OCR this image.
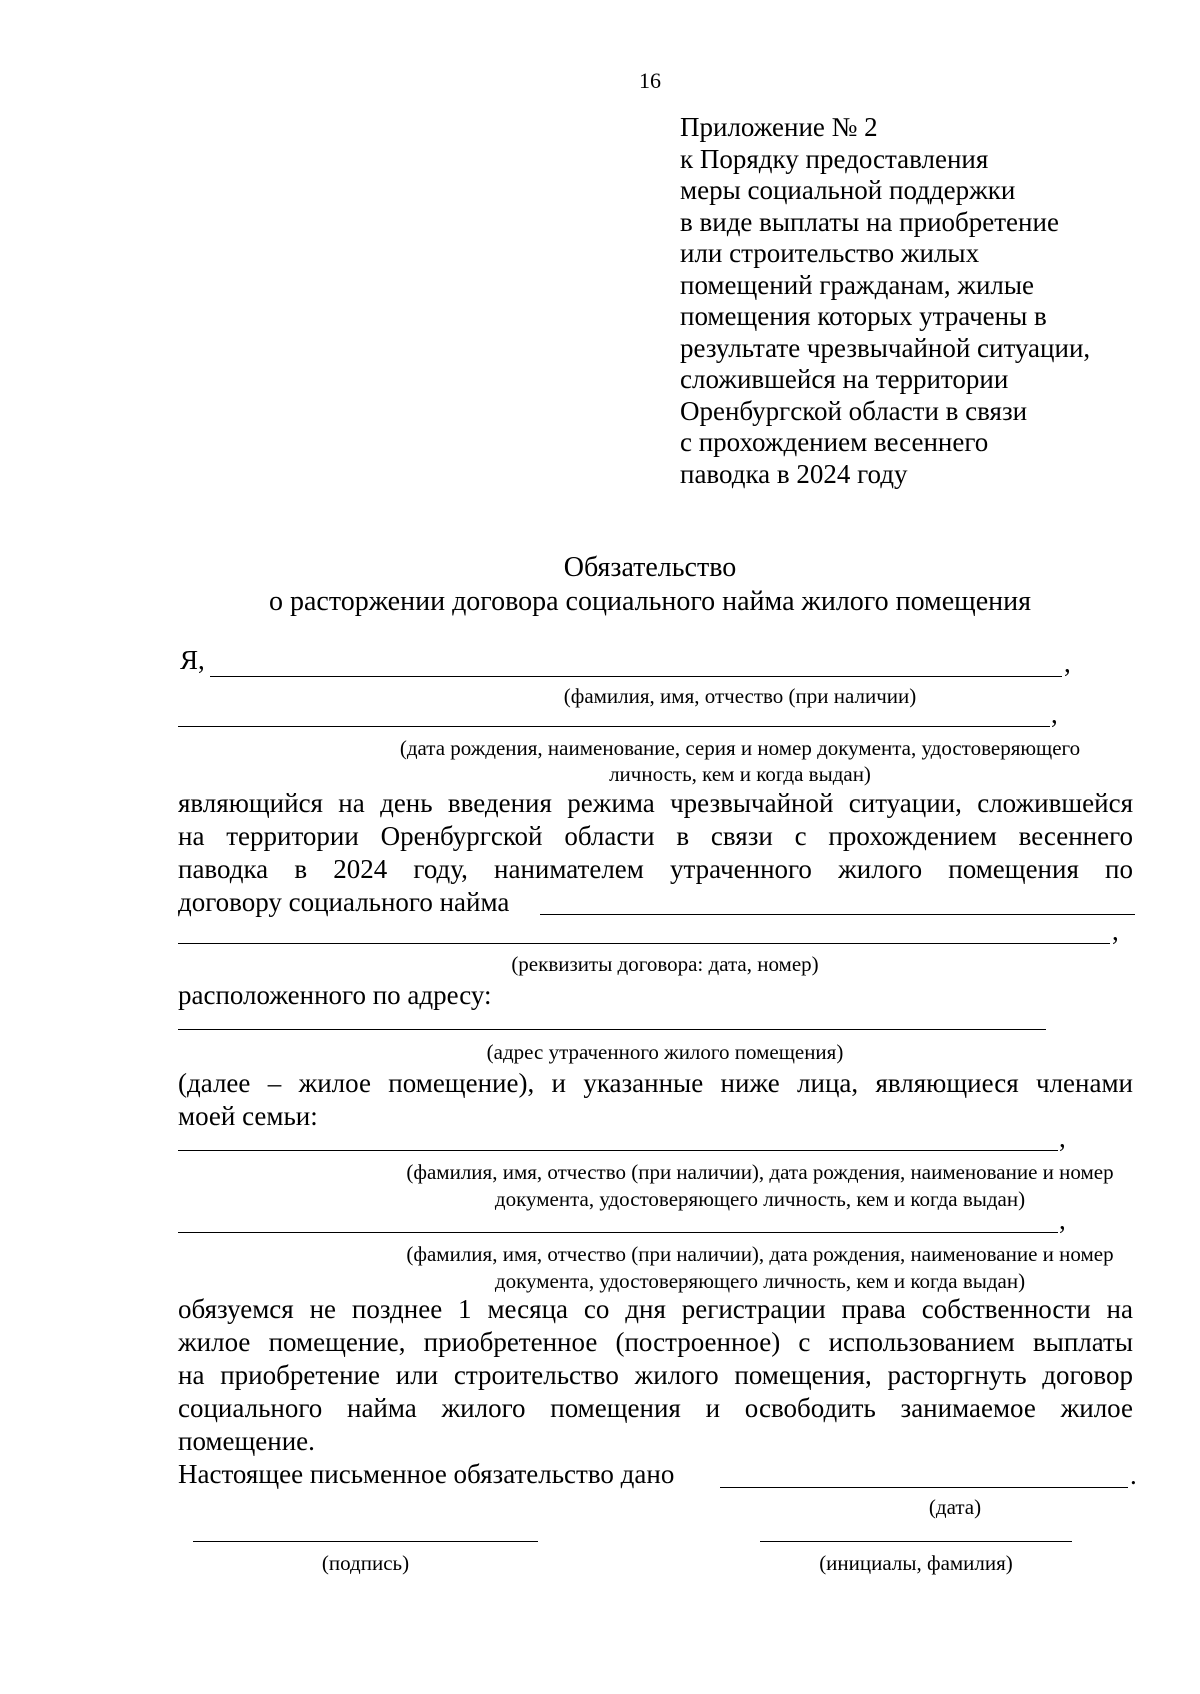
16
Приложение № 2
к Порядку предоставления
меры социальной поддержки
в виде выплаты на приобретение
или строительство жилых
помещений гражданам, жилые
помещения которых утрачены в
результате чрезвычайной ситуации,
сложившейся на территории
Оренбургской области в связи
с прохождением весеннего
паводка в 2024 году
Обязательство
о расторжении договора социального найма жилого помещения
Я,	,
(фамилия, имя, отчество (при наличии)
,
(дата рождения, наименование, серия и номер документа, удостоверяющего
личность, кем и когда выдан)
являющийся на день введения режима чрезвычайной ситуации, сложившейся
на территории Оренбургской области в связи с прохождением весеннего
паводка в 2024 году, нанимателем утраченного жилого помещения по
договору социального найма
,
(реквизиты договора: дата, номер)
расположенного по адресу:
(адрес утраченного жилого помещения)
(далее – жилое помещение), и указанные ниже лица, являющиеся членами
моей семьи:
,
(фамилия, имя, отчество (при наличии), дата рождения, наименование и номер
документа, удостоверяющего личность, кем и когда выдан)
,
(фамилия, имя, отчество (при наличии), дата рождения, наименование и номер
документа, удостоверяющего личность, кем и когда выдан)
обязуемся не позднее 1 месяца со дня регистрации права собственности на
жилое помещение, приобретенное (построенное) с использованием выплаты
на приобретение или строительство жилого помещения, расторгнуть договор
социального найма жилого помещения и освободить занимаемое жилое
помещение.
Настоящее письменное обязательство дано	.
(дата)
(подпись)	(инициалы, фамилия)
